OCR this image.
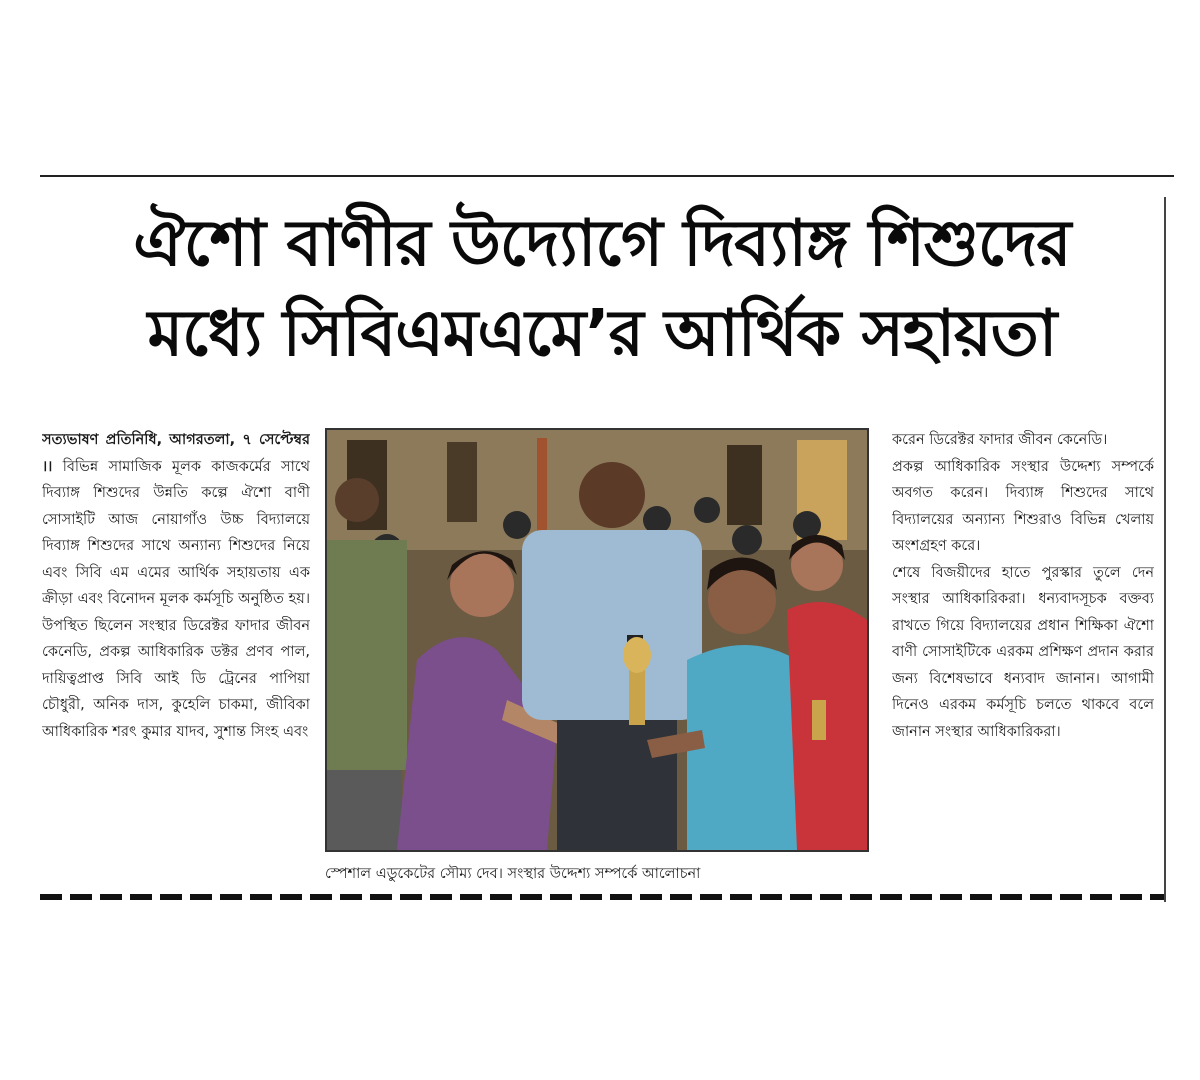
ঐশো বাণীর উদ্যোগে দিব্যাঙ্গ শিশুদের
মধ্যে সিবিএমএমে’র আর্থিক সহায়তা

সত্যভাষণ প্রতিনিধি, আগরতলা, ৭ সেপ্টেম্বর ।। বিভিন্ন সামাজিক মূলক কাজকর্মের সাথে দিব্যাঙ্গ শিশুদের উন্নতি কল্পে ঐশো বাণী সোসাইটি আজ নোয়াগাঁও উচ্চ বিদ্যালয়ে দিব্যাঙ্গ শিশুদের সাথে অন্যান্য শিশুদের নিয়ে এবং সিবি এম এমের আর্থিক সহায়তায় এক ক্রীড়া এবং বিনোদন মূলক কর্মসূচি অনুষ্ঠিত হয়। উপস্থিত ছিলেন সংস্থার ডিরেক্টর ফাদার জীবন কেনেডি, প্রকল্প আধিকারিক ডক্টর প্রণব পাল, দায়িত্বপ্রাপ্ত সিবি আই ডি ট্রেনের পাপিয়া চৌধুরী, অনিক দাস, কুহেলি চাকমা, জীবিকা আধিকারিক শরৎ কুমার যাদব, সুশান্ত সিংহ এবং

স্পেশাল এডুকেটের সৌম্য দেব। সংস্থার উদ্দেশ্য সম্পর্কে আলোচনা

করেন ডিরেক্টর ফাদার জীবন কেনেডি।

প্রকল্প আধিকারিক সংস্থার উদ্দেশ্য সম্পর্কে অবগত করেন। দিব্যাঙ্গ শিশুদের সাথে বিদ্যালয়ের অন্যান্য শিশুরাও বিভিন্ন খেলায় অংশগ্রহণ করে।

শেষে বিজয়ীদের হাতে পুরস্কার তুলে দেন সংস্থার আধিকারিকরা। ধন্যবাদসূচক বক্তব্য রাখতে গিয়ে বিদ্যালয়ের প্রধান শিক্ষিকা ঐশো বাণী সোসাইটিকে এরকম প্রশিক্ষণ প্রদান করার জন্য বিশেষভাবে ধন্যবাদ জানান। আগামী দিনেও এরকম কর্মসূচি চলতে থাকবে বলে জানান সংস্থার আধিকারিকরা।
